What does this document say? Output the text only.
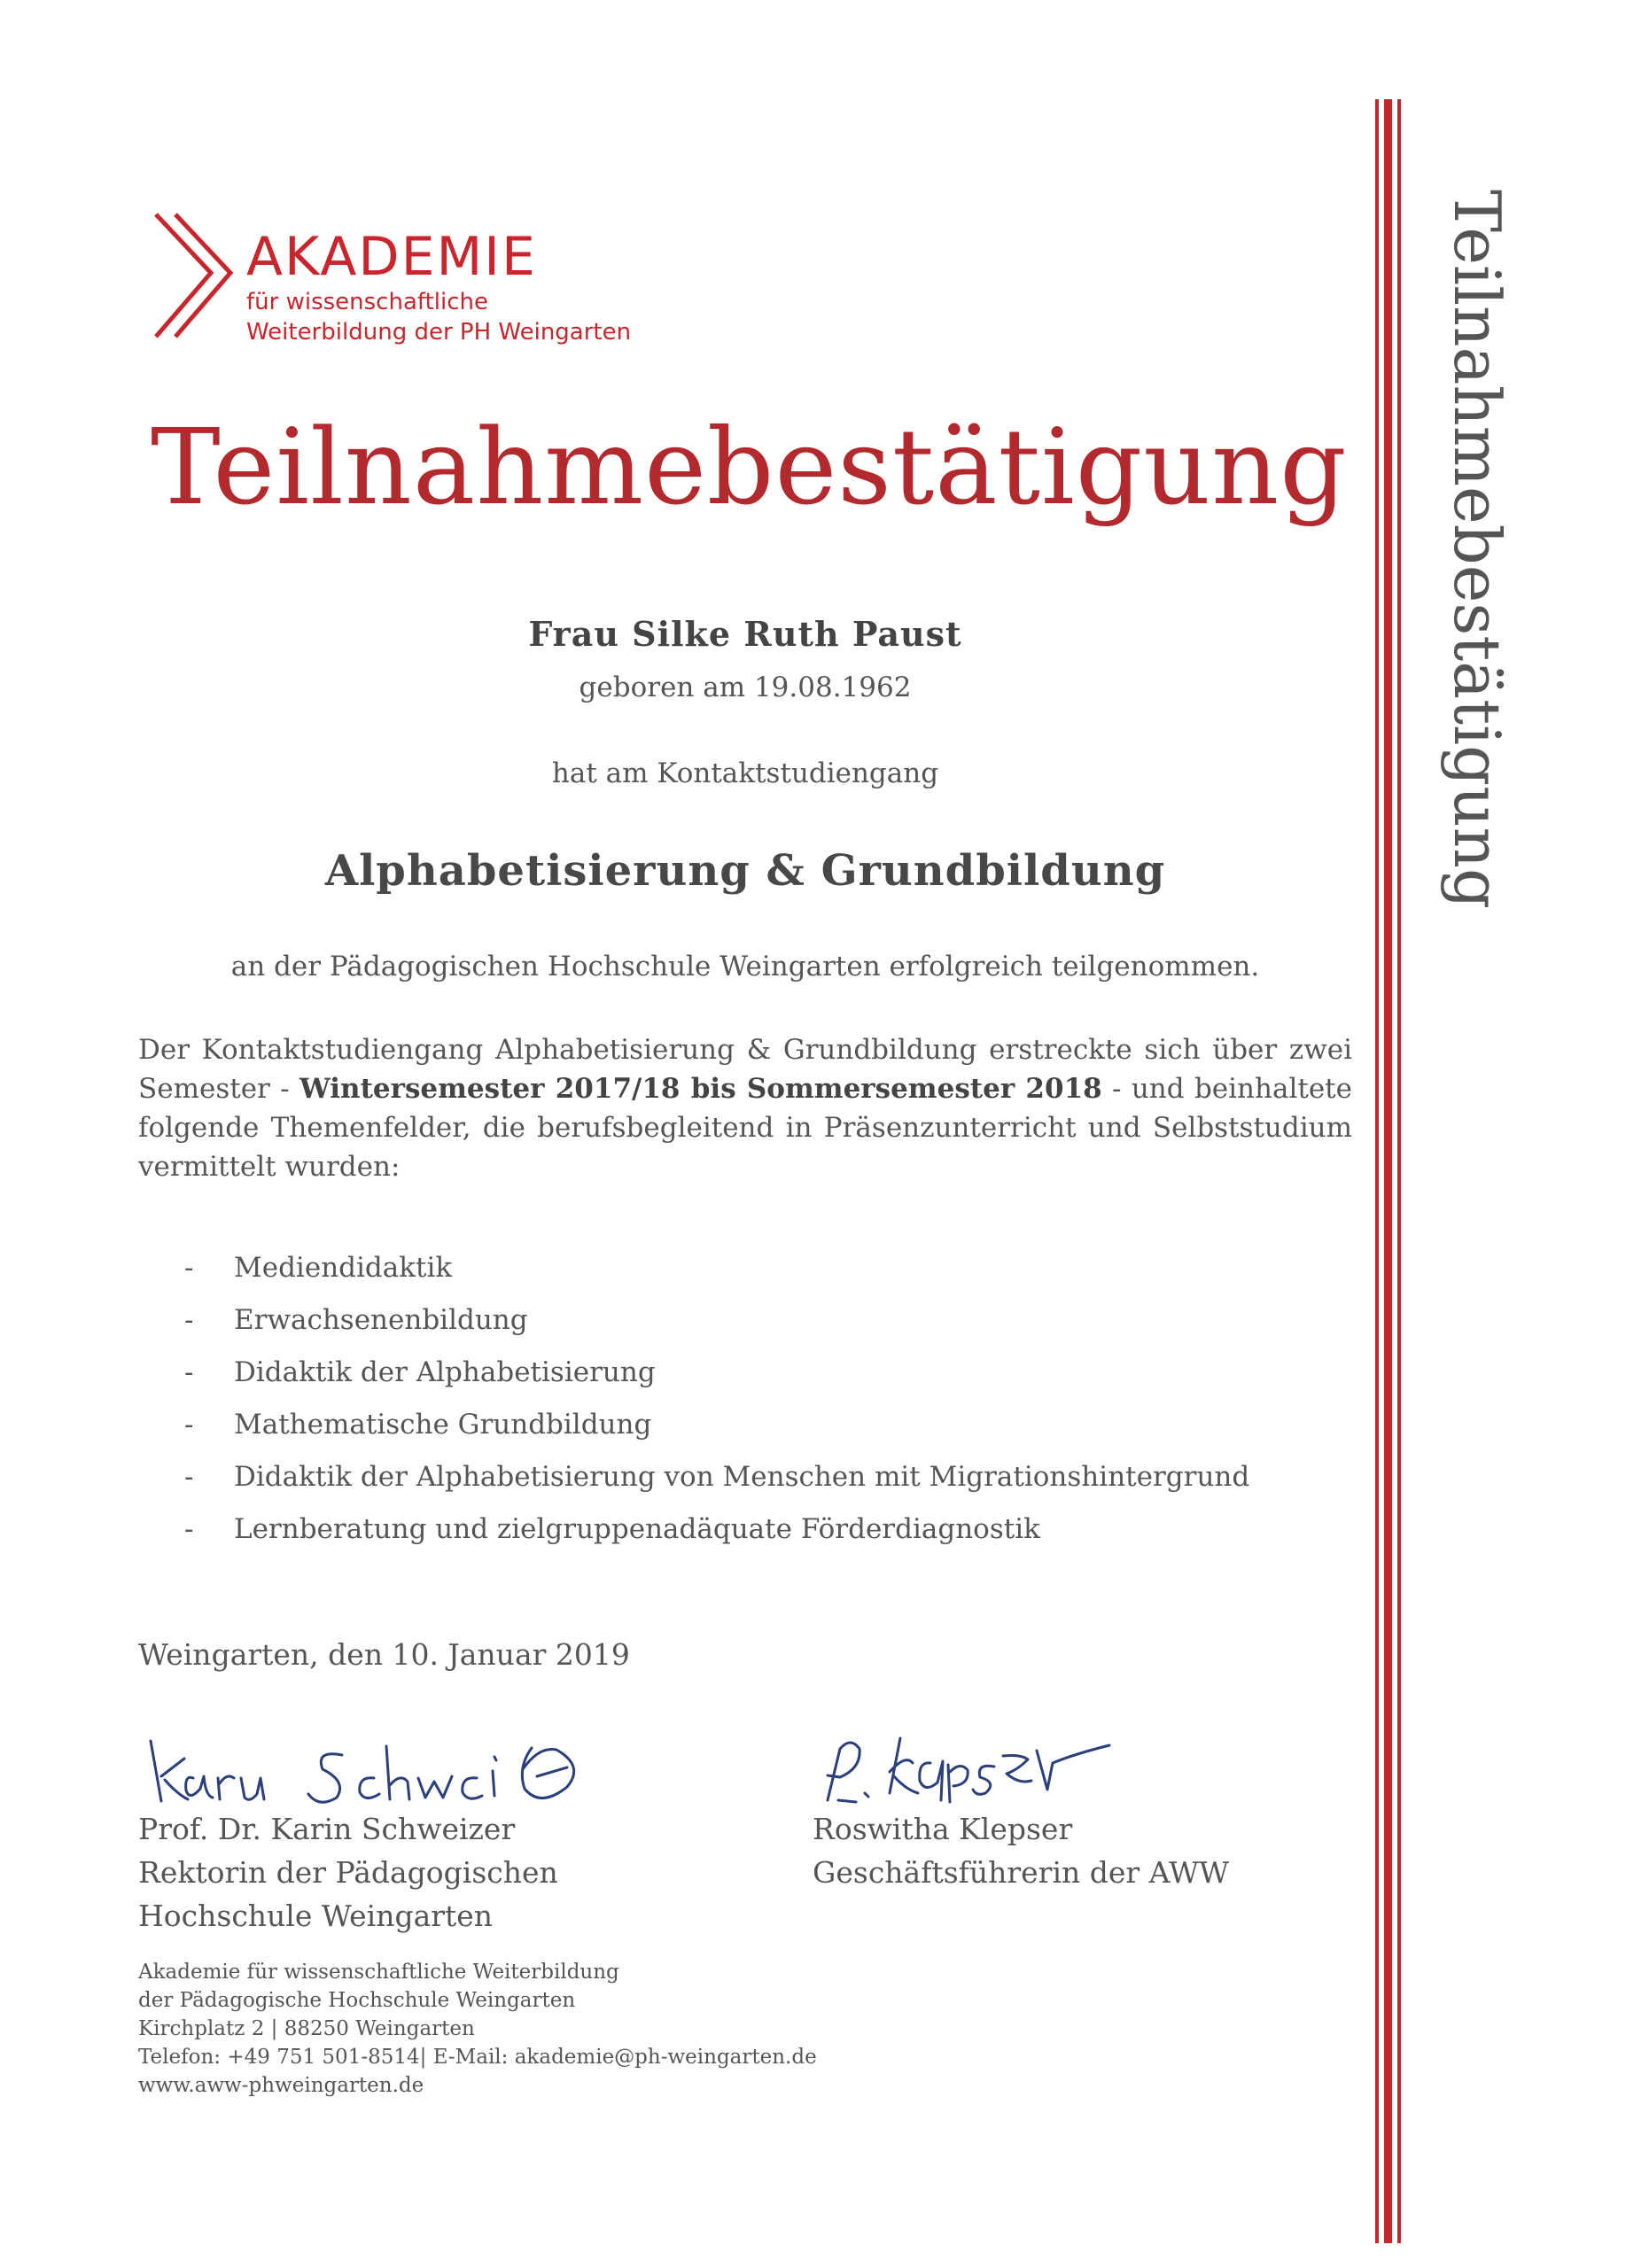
AKADEMIE
für wissenschaftliche
Weiterbildung der PH Weingarten
Teilnahmebestätigung Teilnahmebestätigung
Frau Silke Ruth Paust
geboren am 19.08.1962
hat am Kontaktstudiengang
Alphabetisierung & Grundbildung
an der Pädagogischen Hochschule Weingarten erfolgreich teilgenommen.
Der Kontaktstudiengang Alphabetisierung & Grundbildung erstreckte sich über zwei Semester - Wintersemester 2017/18 bis Sommersemester 2018 - und beinhaltete folgende Themenfelder, die berufsbegleitend in Präsenzunterricht und Selbststudium vermittelt wurden:
- Mediendidaktik
- Erwachsenenbildung
- Didaktik der Alphabetisierung
- Mathematische Grundbildung
- Didaktik der Alphabetisierung von Menschen mit Migrationshintergrund
- Lernberatung und zielgruppenadäquate Förderdiagnostik
Weingarten, den 10. Januar 2019
Prof. Dr. Karin Schweizer
Rektorin der Pädagogischen
Hochschule Weingarten
Roswitha Klepser
Geschäftsführerin der AWW
Akademie für wissenschaftliche Weiterbildung
der Pädagogische Hochschule Weingarten
Kirchplatz 2 | 88250 Weingarten
Telefon: +49 751 501-8514| E-Mail: akademie@ph-weingarten.de
www.aww-phweingarten.de
